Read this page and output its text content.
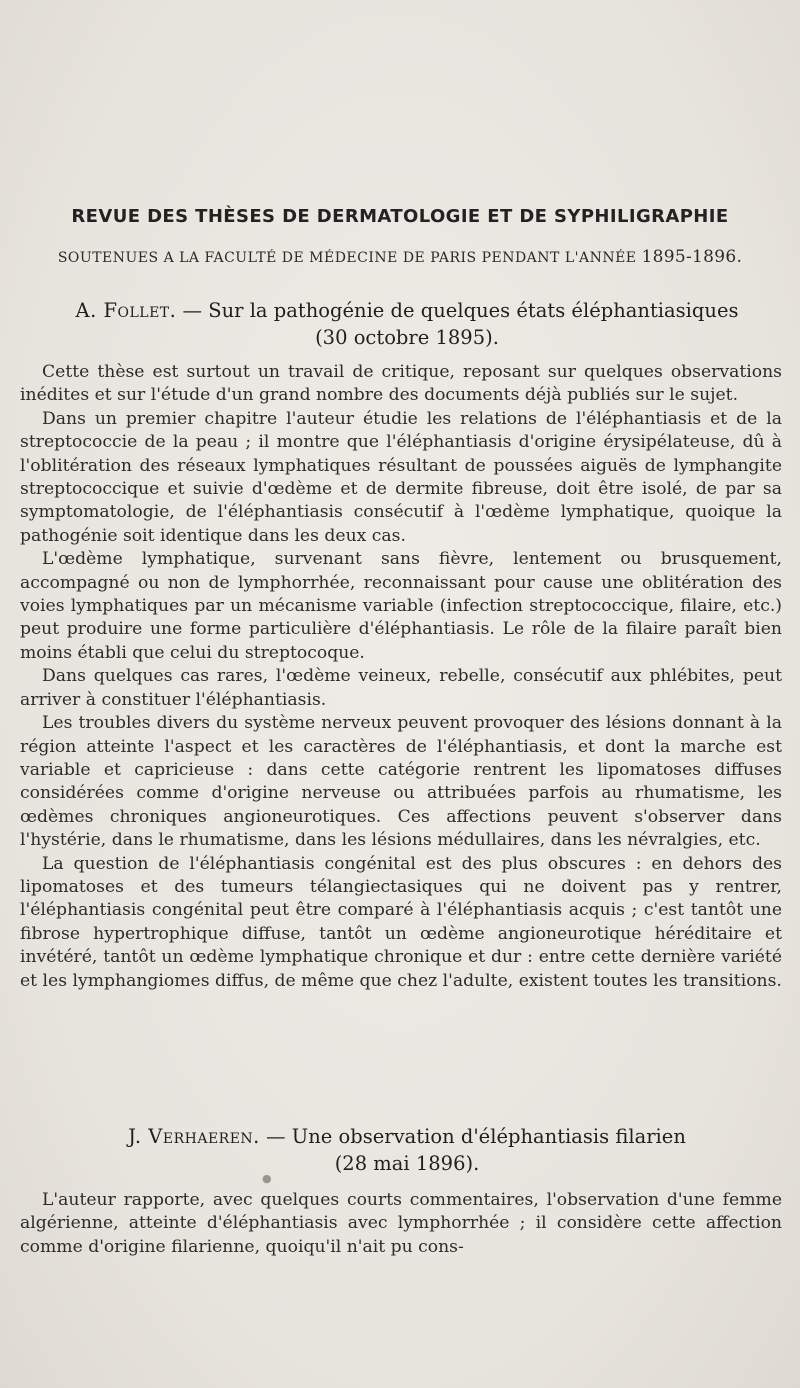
REVUE DES THÈSES DE DERMATOLOGIE ET DE SYPHILIGRAPHIE
SOUTENUES A LA FACULTÉ DE MÉDECINE DE PARIS PENDANT L'ANNÉE 1895-1896.
A. Follet. — Sur la pathogénie de quelques états éléphantiasiques
(30 octobre 1895).

Cette thèse est surtout un travail de critique, reposant sur quelques observations inédites et sur l'étude d'un grand nombre des documents déjà publiés sur le sujet.

Dans un premier chapitre l'auteur étudie les relations de l'éléphantiasis et de la streptococcie de la peau ; il montre que l'éléphantiasis d'origine érysipélateuse, dû à l'oblitération des réseaux lymphatiques résultant de poussées aiguës de lymphangite streptococcique et suivie d'œdème et de dermite fibreuse, doit être isolé, de par sa symptomatologie, de l'éléphantiasis consécutif à l'œdème lymphatique, quoique la pathogénie soit identique dans les deux cas.

L'œdème lymphatique, survenant sans fièvre, lentement ou brusquement, accompagné ou non de lymphorrhée, reconnaissant pour cause une oblitération des voies lymphatiques par un mécanisme variable (infection streptococcique, filaire, etc.) peut produire une forme particulière d'éléphantiasis. Le rôle de la filaire paraît bien moins établi que celui du streptocoque.

Dans quelques cas rares, l'œdème veineux, rebelle, consécutif aux phlébites, peut arriver à constituer l'éléphantiasis.

Les troubles divers du système nerveux peuvent provoquer des lésions donnant à la région atteinte l'aspect et les caractères de l'éléphantiasis, et dont la marche est variable et capricieuse : dans cette catégorie rentrent les lipomatoses diffuses considérées comme d'origine nerveuse ou attribuées parfois au rhumatisme, les œdèmes chroniques angioneurotiques. Ces affections peuvent s'observer dans l'hystérie, dans le rhumatisme, dans les lésions médullaires, dans les névralgies, etc.

La question de l'éléphantiasis congénital est des plus obscures : en dehors des lipomatoses et des tumeurs télangiectasiques qui ne doivent pas y rentrer, l'éléphantiasis congénital peut être comparé à l'éléphantiasis acquis ; c'est tantôt une fibrose hypertrophique diffuse, tantôt un œdème angioneurotique héréditaire et invétéré, tantôt un œdème lymphatique chronique et dur : entre cette dernière variété et les lymphangiomes diffus, de même que chez l'adulte, existent toutes les transitions.

J. Verhaeren. — Une observation d'éléphantiasis filarien
(28 mai 1896).
●

L'auteur rapporte, avec quelques courts commentaires, l'observation d'une femme algérienne, atteinte d'éléphantiasis avec lymphorrhée ; il considère cette affection comme d'origine filarienne, quoiqu'il n'ait pu cons-
